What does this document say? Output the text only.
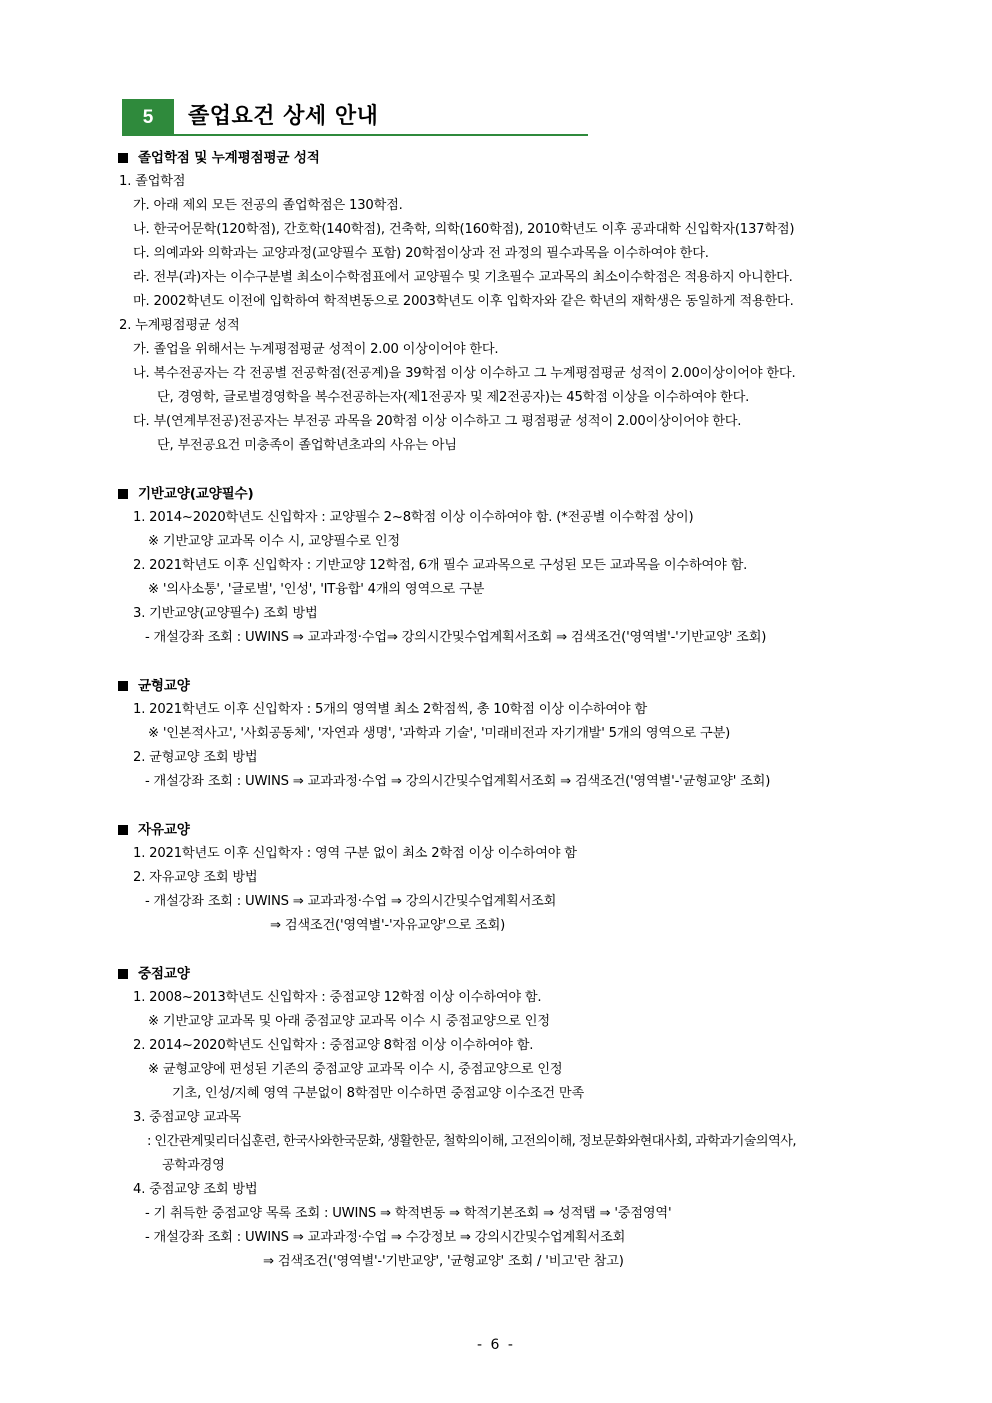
5	졸업요건 상세 안내
졸업학점 및 누계평점평균 성적
1. 졸업학점
가. 아래 제외 모든 전공의 졸업학점은 130학점.
나. 한국어문학(120학점), 간호학(140학점), 건축학, 의학(160학점), 2010학년도 이후 공과대학 신입학자(137학점)
다. 의예과와 의학과는 교양과정(교양필수 포함) 20학점이상과 전 과정의 필수과목을 이수하여야 한다.
라. 전부(과)자는 이수구분별 최소이수학점표에서 교양필수 및 기초필수 교과목의 최소이수학점은 적용하지 아니한다.
마. 2002학년도 이전에 입학하여 학적변동으로 2003학년도 이후 입학자와 같은 학년의 재학생은 동일하게 적용한다.
2. 누계평점평균 성적
가. 졸업을 위해서는 누계평점평균 성적이 2.00 이상이어야 한다.
나. 복수전공자는 각 전공별 전공학점(전공계)을 39학점 이상 이수하고 그 누계평점평균 성적이 2.00이상이어야 한다.
단, 경영학, 글로벌경영학을 복수전공하는자(제1전공자 및 제2전공자)는 45학점 이상을 이수하여야 한다.
다. 부(연계부전공)전공자는 부전공 과목을 20학점 이상 이수하고 그 평점평균 성적이 2.00이상이어야 한다.
단, 부전공요건 미충족이 졸업학년초과의 사유는 아님
기반교양(교양필수)
1. 2014~2020학년도 신입학자 : 교양필수 2~8학점 이상 이수하여야 함. (*전공별 이수학점 상이)
※ 기반교양 교과목 이수 시, 교양필수로 인정
2. 2021학년도 이후 신입학자 : 기반교양 12학점, 6개 필수 교과목으로 구성된 모든 교과목을 이수하여야 함.
※ '의사소통', '글로벌', '인성', 'IT융합' 4개의 영역으로 구분
3. 기반교양(교양필수) 조회 방법
- 개설강좌 조회 : UWINS ⇒ 교과과정·수업⇒ 강의시간및수업계획서조회 ⇒ 검색조건('영역별'-'기반교양' 조회)
균형교양
1. 2021학년도 이후 신입학자 : 5개의 영역별 최소 2학점씩, 총 10학점 이상 이수하여야 함
※ '인본적사고', '사회공동체', '자연과 생명', '과학과 기술', '미래비전과 자기개발' 5개의 영역으로 구분)
2. 균형교양 조회 방법
- 개설강좌 조회 : UWINS ⇒ 교과과정·수업 ⇒ 강의시간및수업계획서조회 ⇒ 검색조건('영역별'-'균형교양' 조회)
자유교양
1. 2021학년도 이후 신입학자 : 영역 구분 없이 최소 2학점 이상 이수하여야 함
2. 자유교양 조회 방법
- 개설강좌 조회 : UWINS ⇒ 교과과정·수업 ⇒ 강의시간및수업계획서조회
⇒ 검색조건('영역별'-'자유교양'으로 조회)
중점교양
1. 2008~2013학년도 신입학자 : 중점교양 12학점 이상 이수하여야 함.
※ 기반교양 교과목 및 아래 중점교양 교과목 이수 시 중점교양으로 인정
2. 2014~2020학년도 신입학자 : 중점교양 8학점 이상 이수하여야 함.
※ 균형교양에 편성된 기존의 중점교양 교과목 이수 시, 중점교양으로 인정
기초, 인성/지혜 영역 구분없이 8학점만 이수하면 중점교양 이수조건 만족
3. 중점교양 교과목
: 인간관계및리더십훈련, 한국사와한국문화, 생활한문, 철학의이해, 고전의이해, 정보문화와현대사회, 과학과기술의역사,
공학과경영
4. 중점교양 조회 방법
- 기 취득한 중점교양 목록 조회 : UWINS ⇒ 학적변동 ⇒ 학적기본조회 ⇒ 성적탭 ⇒ '중점영역'
- 개설강좌 조회 : UWINS ⇒ 교과과정·수업 ⇒ 수강정보 ⇒ 강의시간및수업계획서조회
⇒ 검색조건('영역별'-'기반교양', '균형교양' 조회 / '비고'란 참고)
- 6 -
